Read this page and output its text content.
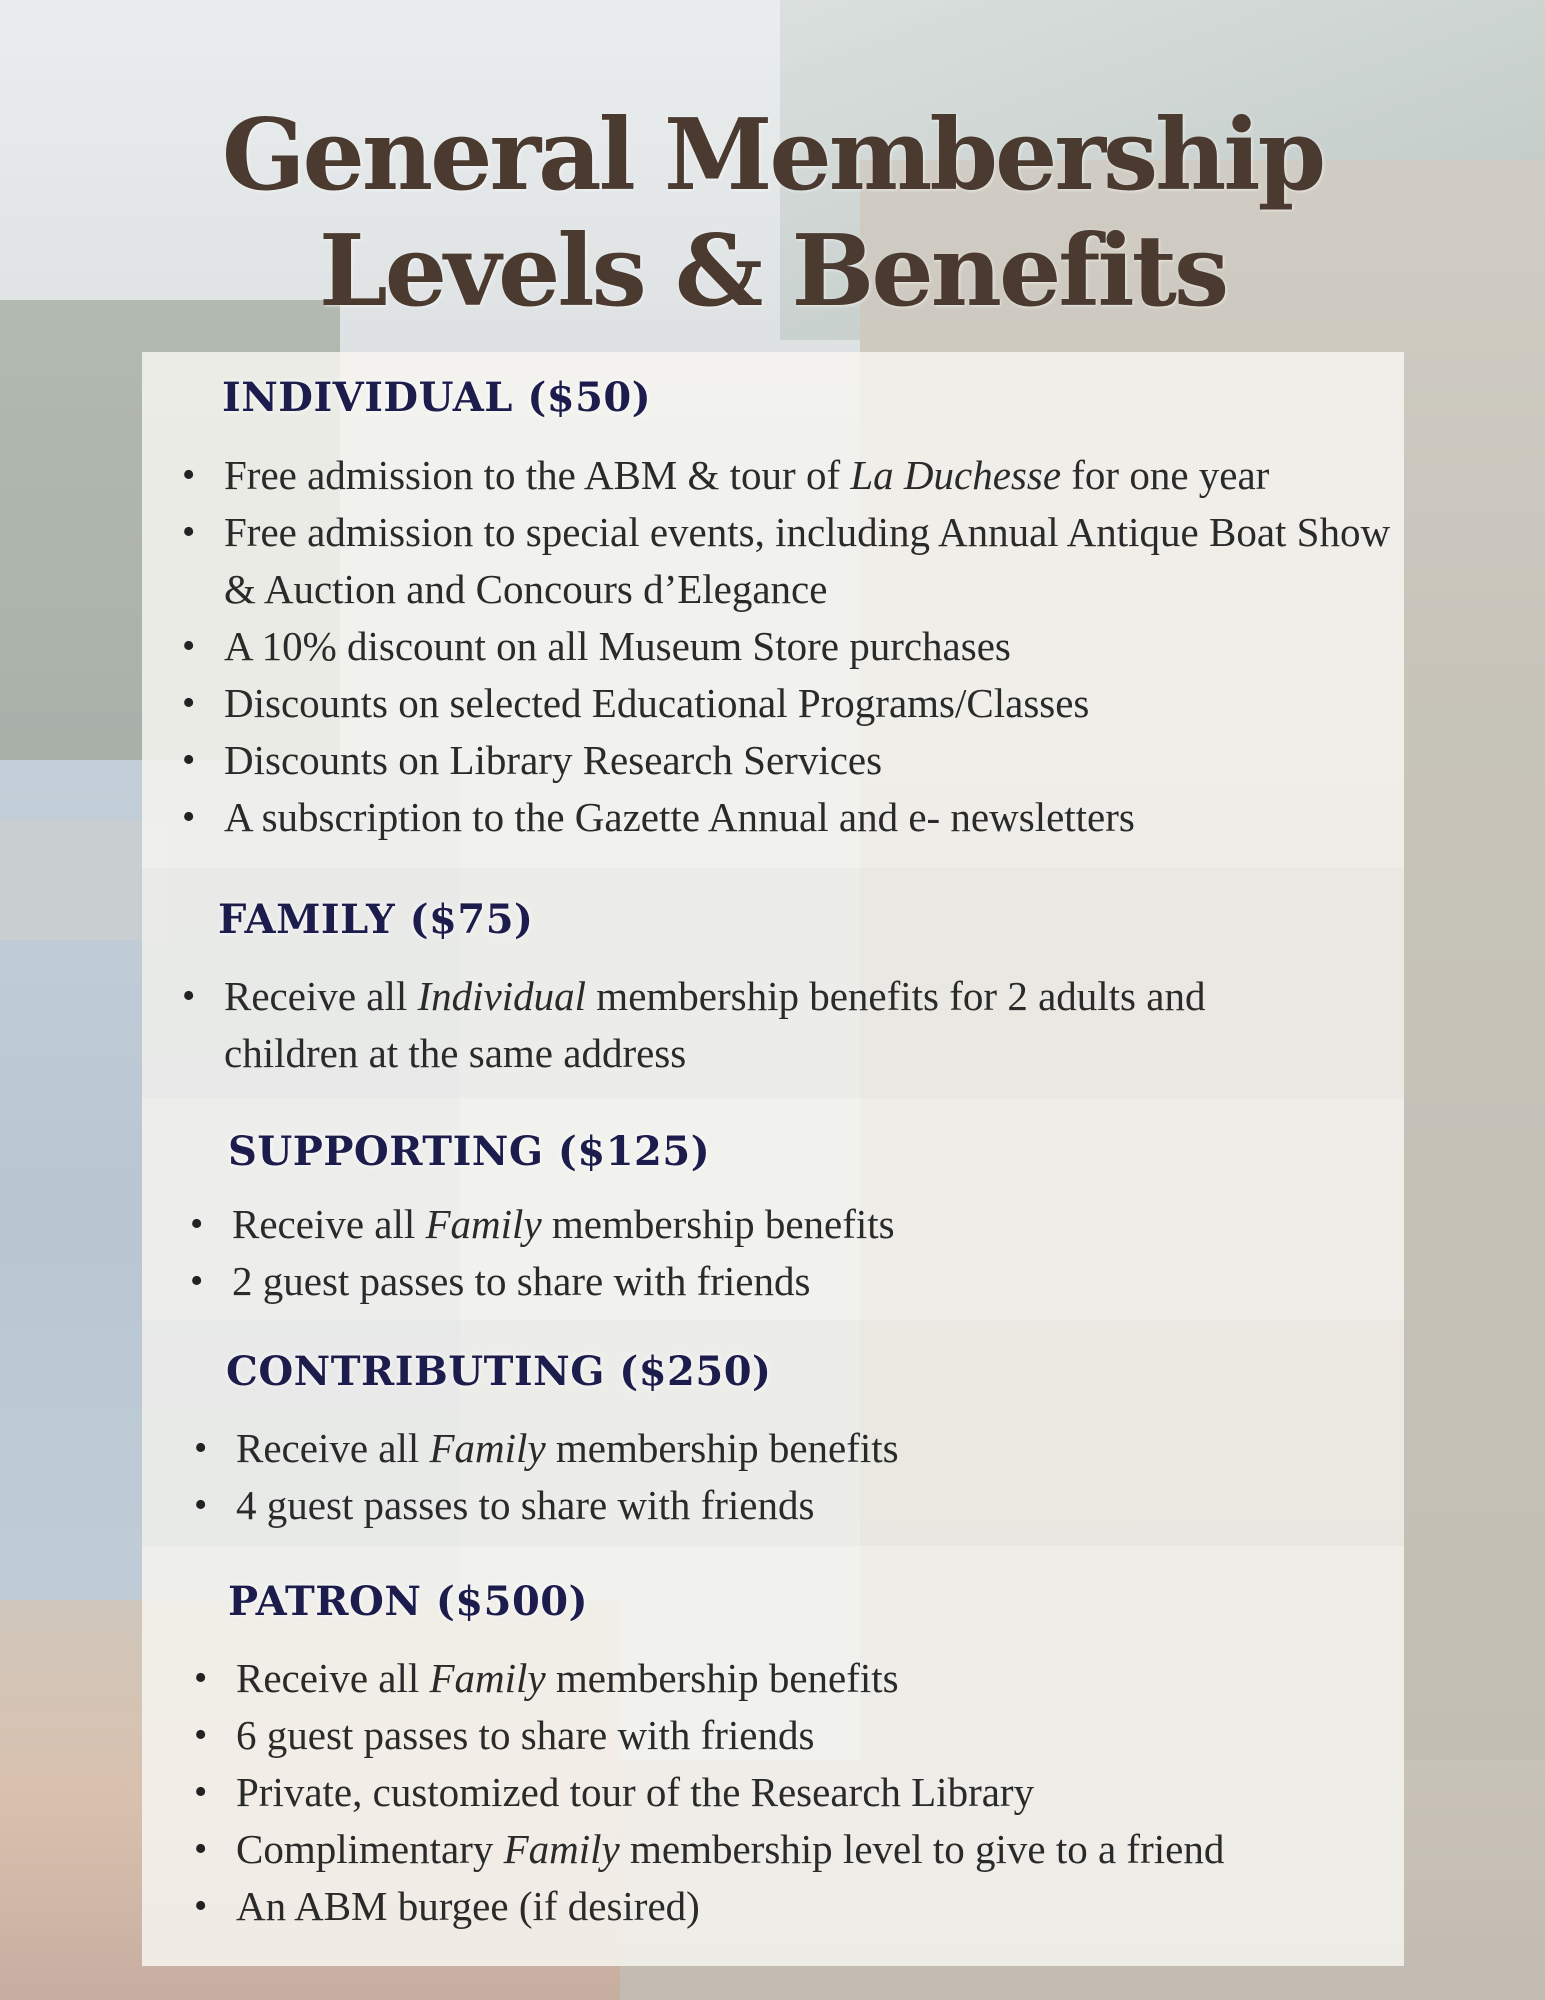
General Membership
Levels & Benefits
INDIVIDUAL ($50)
• Free admission to the ABM & tour of La Duchesse for one year
• Free admission to special events, including Annual Antique Boat Show & Auction and Concours d’Elegance
• A 10% discount on all Museum Store purchases
• Discounts on selected Educational Programs/Classes
• Discounts on Library Research Services
• A subscription to the Gazette Annual and e- newsletters
FAMILY ($75)
• Receive all Individual membership benefits for 2 adults and children at the same address
SUPPORTING ($125)
• Receive all Family membership benefits
• 2 guest passes to share with friends
CONTRIBUTING ($250)
• Receive all Family membership benefits
• 4 guest passes to share with friends
PATRON ($500)
• Receive all Family membership benefits
• 6 guest passes to share with friends
• Private, customized tour of the Research Library
• Complimentary Family membership level to give to a friend
• An ABM burgee (if desired)
